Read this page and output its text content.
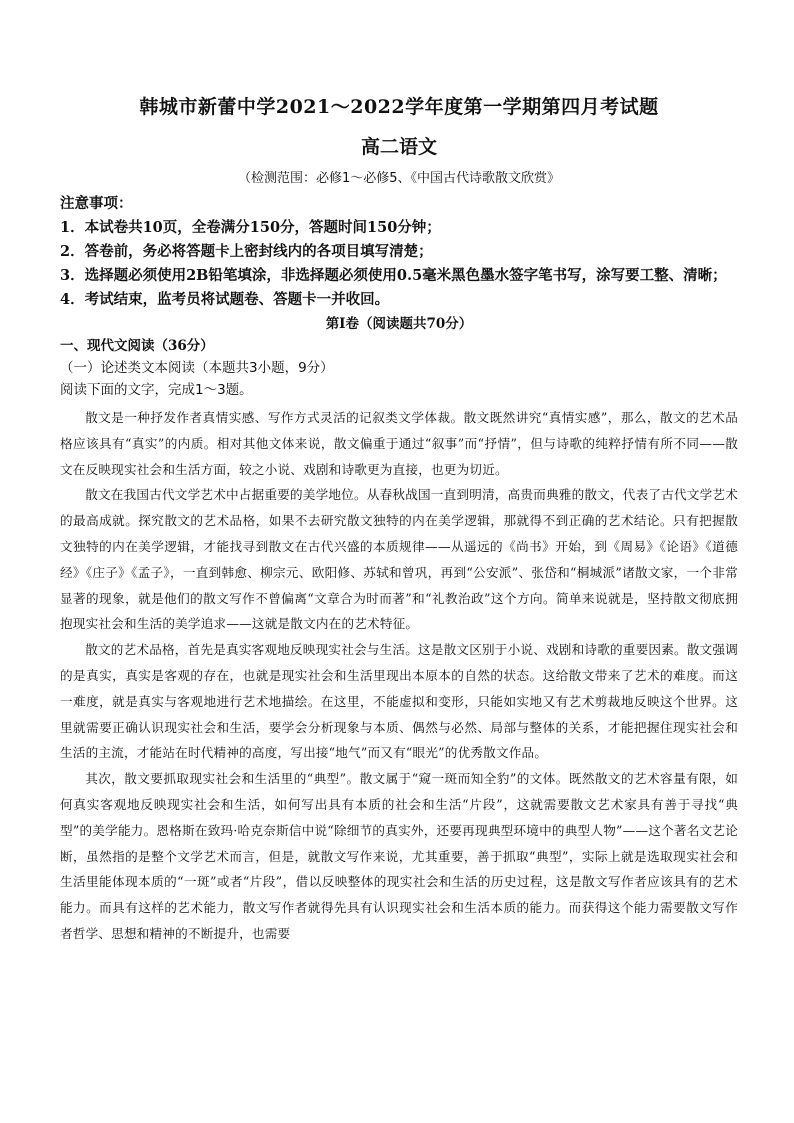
韩城市新蕾中学2021～2022学年度第一学期第四月考试题
高二语文

（检测范围：必修1～必修5、《中国古代诗歌散文欣赏》

注意事项：

1．本试卷共10页，全卷满分150分，答题时间150分钟；

2．答卷前，务必将答题卡上密封线内的各项目填写清楚；

3．选择题必须使用2B铅笔填涂，非选择题必须使用0.5毫米黑色墨水签字笔书写，涂写要工整、清晰；

4．考试结束，监考员将试题卷、答题卡一并收回。

第Ⅰ卷（阅读题共70分）

一、现代文阅读（36分）

（一）论述类文本阅读（本题共3小题，9分）

阅读下面的文字，完成1～3题。

散文是一种抒发作者真情实感、写作方式灵活的记叙类文学体裁。散文既然讲究“真情实感”，那么，散文的艺术品格应该具有“真实”的内质。相对其他文体来说，散文偏重于通过“叙事”而“抒情”，但与诗歌的纯粹抒情有所不同——散文在反映现实社会和生活方面，较之小说、戏剧和诗歌更为直接，也更为切近。

散文在我国古代文学艺术中占据重要的美学地位。从春秋战国一直到明清，高贵而典雅的散文，代表了古代文学艺术的最高成就。探究散文的艺术品格，如果不去研究散文独特的内在美学逻辑，那就得不到正确的艺术结论。只有把握散文独特的内在美学逻辑，才能找寻到散文在古代兴盛的本质规律——从遥远的《尚书》开始，到《周易》《论语》《道德经》《庄子》《孟子》，一直到韩愈、柳宗元、欧阳修、苏轼和曾巩，再到“公安派”、张岱和“桐城派”诸散文家，一个非常显著的现象，就是他们的散文写作不曾偏离“文章合为时而著”和“礼教治政”这个方向。简单来说就是，坚持散文彻底拥抱现实社会和生活的美学追求——这就是散文内在的艺术特征。

散文的艺术品格，首先是真实客观地反映现实社会与生活。这是散文区别于小说、戏剧和诗歌的重要因素。散文强调的是真实，真实是客观的存在，也就是现实社会和生活里现出本原本的自然的状态。这给散文带来了艺术的难度。而这一难度，就是真实与客观地进行艺术地描绘。在这里，不能虚拟和变形，只能如实地又有艺术剪裁地反映这个世界。这里就需要正确认识现实社会和生活，要学会分析现象与本质、偶然与必然、局部与整体的关系，才能把握住现实社会和生活的主流，才能站在时代精神的高度，写出接“地气”而又有“眼光”的优秀散文作品。

其次，散文要抓取现实社会和生活里的“典型”。散文属于“窥一斑而知全豹”的文体。既然散文的艺术容量有限，如何真实客观地反映现实社会和生活，如何写出具有本质的社会和生活“片段”，这就需要散文艺术家具有善于寻找“典型”的美学能力。恩格斯在致玛·哈克奈斯信中说“除细节的真实外，还要再现典型环境中的典型人物”——这个著名文艺论断，虽然指的是整个文学艺术而言，但是，就散文写作来说，尤其重要，善于抓取“典型”，实际上就是选取现实社会和生活里能体现本质的“一斑”或者“片段”，借以反映整体的现实社会和生活的历史过程，这是散文写作者应该具有的艺术能力。而具有这样的艺术能力，散文写作者就得先具有认识现实社会和生活本质的能力。而获得这个能力需要散文写作者哲学、思想和精神的不断提升，也需要
